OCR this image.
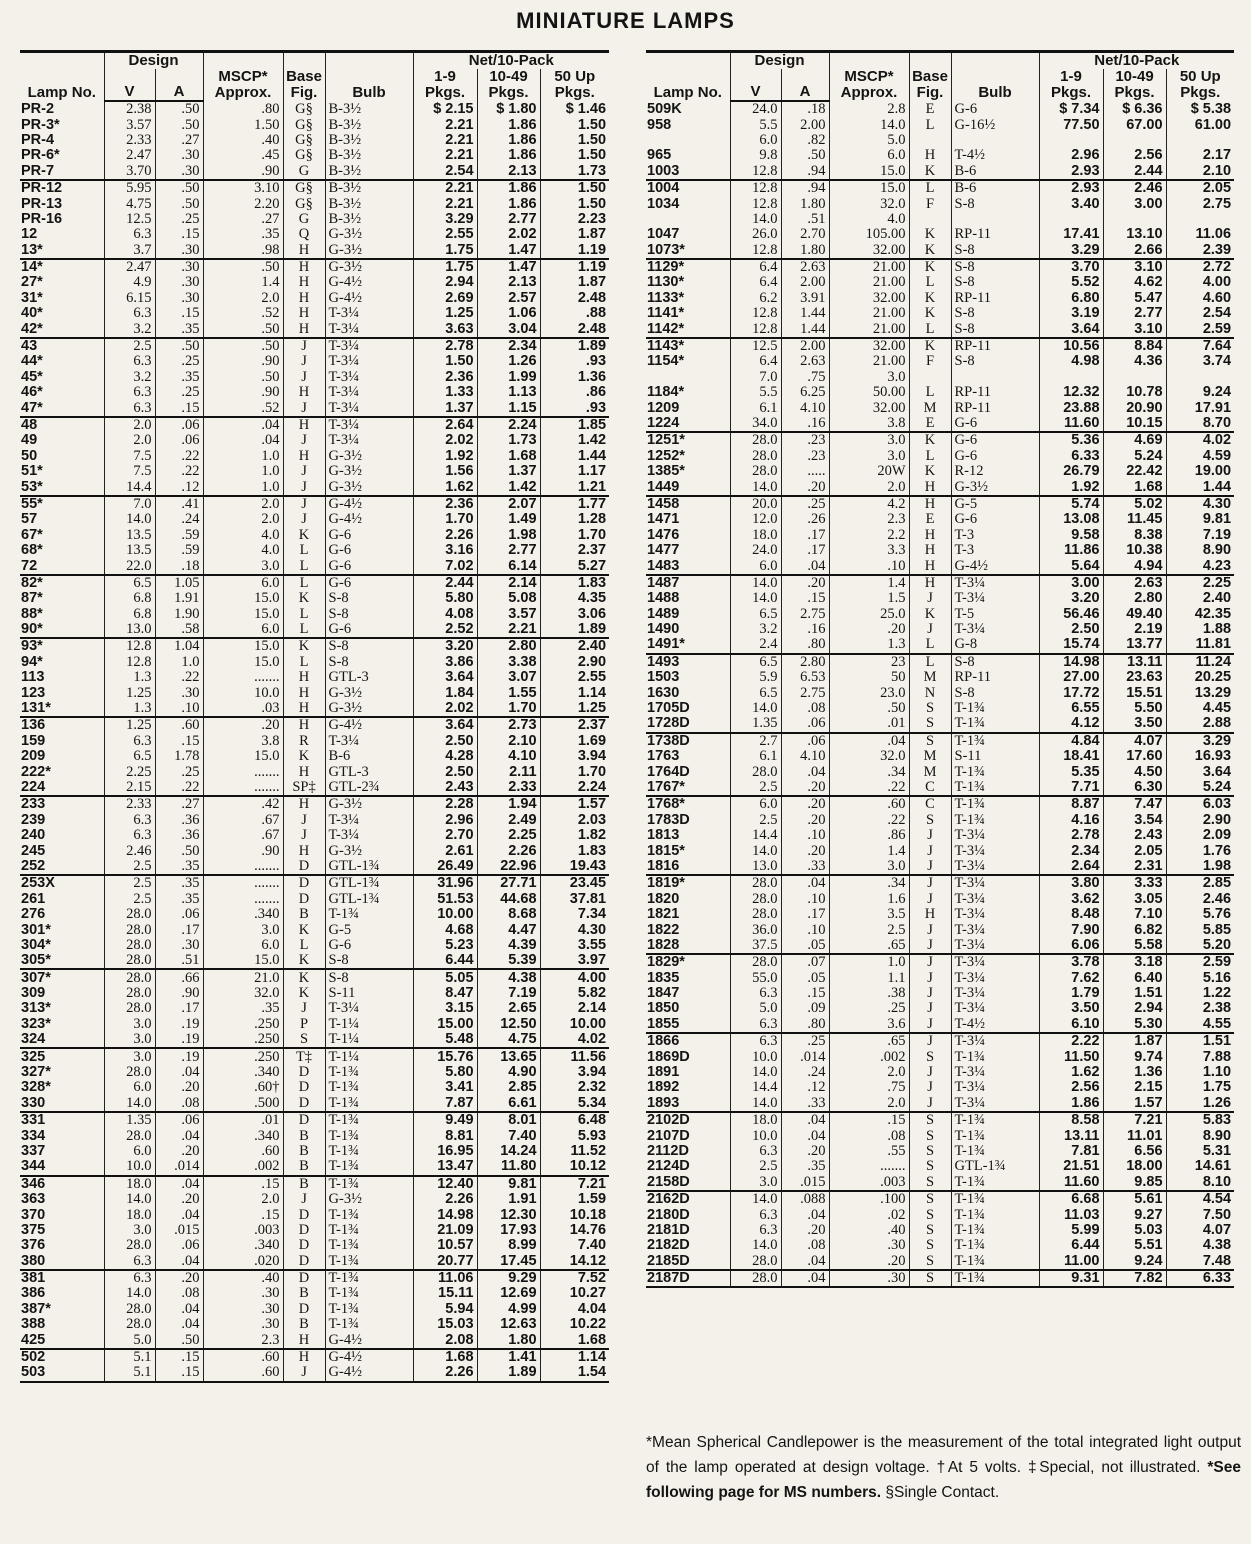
MINIATURE LAMPS
Lamp No.	Design		MSCP* Approx.	Base Fig.	Bulb	Net/10-Pack		
						1-9 Pkgs.	10-49 Pkgs.	50 Up Pkgs.
	V	A						
PR-2	2.38	.50	.80	G§	B-3½	$ 2.15	$ 1.80	$ 1.46
PR-3*	3.57	.50	1.50	G§	B-3½	2.21	1.86	1.50
PR-4	2.33	.27	.40	G§	B-3½	2.21	1.86	1.50
PR-6*	2.47	.30	.45	G§	B-3½	2.21	1.86	1.50
PR-7	3.70	.30	.90	G	B-3½	2.54	2.13	1.73
PR-12	5.95	.50	3.10	G§	B-3½	2.21	1.86	1.50
PR-13	4.75	.50	2.20	G§	B-3½	2.21	1.86	1.50
PR-16	12.5	.25	.27	G	B-3½	3.29	2.77	2.23
12	6.3	.15	.35	Q	G-3½	2.55	2.02	1.87
13*	3.7	.30	.98	H	G-3½	1.75	1.47	1.19
14*	2.47	.30	.50	H	G-3½	1.75	1.47	1.19
27*	4.9	.30	1.4	H	G-4½	2.94	2.13	1.87
31*	6.15	.30	2.0	H	G-4½	2.69	2.57	2.48
40*	6.3	.15	.52	H	T-3¼	1.25	1.06	.88
42*	3.2	.35	.50	H	T-3¼	3.63	3.04	2.48
43	2.5	.50	.50	J	T-3¼	2.78	2.34	1.89
44*	6.3	.25	.90	J	T-3¼	1.50	1.26	.93
45*	3.2	.35	.50	J	T-3¼	2.36	1.99	1.36
46*	6.3	.25	.90	H	T-3¼	1.33	1.13	.86
47*	6.3	.15	.52	J	T-3¼	1.37	1.15	.93
48	2.0	.06	.04	H	T-3¼	2.64	2.24	1.85
49	2.0	.06	.04	J	T-3¼	2.02	1.73	1.42
50	7.5	.22	1.0	H	G-3½	1.92	1.68	1.44
51*	7.5	.22	1.0	J	G-3½	1.56	1.37	1.17
53*	14.4	.12	1.0	J	G-3½	1.62	1.42	1.21
55*	7.0	.41	2.0	J	G-4½	2.36	2.07	1.77
57	14.0	.24	2.0	J	G-4½	1.70	1.49	1.28
67*	13.5	.59	4.0	K	G-6	2.26	1.98	1.70
68*	13.5	.59	4.0	L	G-6	3.16	2.77	2.37
72	22.0	.18	3.0	L	G-6	7.02	6.14	5.27
82*	6.5	1.05	6.0	L	G-6	2.44	2.14	1.83
87*	6.8	1.91	15.0	K	S-8	5.80	5.08	4.35
88*	6.8	1.90	15.0	L	S-8	4.08	3.57	3.06
90*	13.0	.58	6.0	L	G-6	2.52	2.21	1.89
93*	12.8	1.04	15.0	K	S-8	3.20	2.80	2.40
94*	12.8	1.0	15.0	L	S-8	3.86	3.38	2.90
113	1.3	.22	.......	H	GTL-3	3.64	3.07	2.55
123	1.25	.30	10.0	H	G-3½	1.84	1.55	1.14
131*	1.3	.10	.03	H	G-3½	2.02	1.70	1.25
136	1.25	.60	.20	H	G-4½	3.64	2.73	2.37
159	6.3	.15	3.8	R	T-3¼	2.50	2.10	1.69
209	6.5	1.78	15.0	K	B-6	4.28	4.10	3.94
222*	2.25	.25	.......	H	GTL-3	2.50	2.11	1.70
224	2.15	.22	.......	SP‡	GTL-2¾	2.43	2.33	2.24
233	2.33	.27	.42	H	G-3½	2.28	1.94	1.57
239	6.3	.36	.67	J	T-3¼	2.96	2.49	2.03
240	6.3	.36	.67	J	T-3¼	2.70	2.25	1.82
245	2.46	.50	.90	H	G-3½	2.61	2.26	1.83
252	2.5	.35	.......	D	GTL-1¾	26.49	22.96	19.43
253X	2.5	.35	.......	D	GTL-1¾	31.96	27.71	23.45
261	2.5	.35	.......	D	GTL-1¾	51.53	44.68	37.81
276	28.0	.06	.340	B	T-1¾	10.00	8.68	7.34
301*	28.0	.17	3.0	K	G-5	4.68	4.47	4.30
304*	28.0	.30	6.0	L	G-6	5.23	4.39	3.55
305*	28.0	.51	15.0	K	S-8	6.44	5.39	3.97
307*	28.0	.66	21.0	K	S-8	5.05	4.38	4.00
309	28.0	.90	32.0	K	S-11	8.47	7.19	5.82
313*	28.0	.17	.35	J	T-3¼	3.15	2.65	2.14
323*	3.0	.19	.250	P	T-1¼	15.00	12.50	10.00
324	3.0	.19	.250	S	T-1¼	5.48	4.75	4.02
325	3.0	.19	.250	T‡	T-1¼	15.76	13.65	11.56
327*	28.0	.04	.340	D	T-1¾	5.80	4.90	3.94
328*	6.0	.20	.60†	D	T-1¾	3.41	2.85	2.32
330	14.0	.08	.500	D	T-1¾	7.87	6.61	5.34
331	1.35	.06	.01	D	T-1¾	9.49	8.01	6.48
334	28.0	.04	.340	B	T-1¾	8.81	7.40	5.93
337	6.0	.20	.60	B	T-1¾	16.95	14.24	11.52
344	10.0	.014	.002	B	T-1¾	13.47	11.80	10.12
346	18.0	.04	.15	B	T-1¾	12.40	9.81	7.21
363	14.0	.20	2.0	J	G-3½	2.26	1.91	1.59
370	18.0	.04	.15	D	T-1¾	14.98	12.30	10.18
375	3.0	.015	.003	D	T-1¾	21.09	17.93	14.76
376	28.0	.06	.340	D	T-1¾	10.57	8.99	7.40
380	6.3	.04	.020	D	T-1¾	20.77	17.45	14.12
381	6.3	.20	.40	D	T-1¾	11.06	9.29	7.52
386	14.0	.08	.30	B	T-1¾	15.11	12.69	10.27
387*	28.0	.04	.30	D	T-1¾	5.94	4.99	4.04
388	28.0	.04	.30	B	T-1¾	15.03	12.63	10.22
425	5.0	.50	2.3	H	G-4½	2.08	1.80	1.68
502	5.1	.15	.60	H	G-4½	1.68	1.41	1.14
503	5.1	.15	.60	J	G-4½	2.26	1.89	1.54
Lamp No.	Design		MSCP* Approx.	Base Fig.	Bulb	Net/10-Pack		
						1-9 Pkgs.	10-49 Pkgs.	50 Up Pkgs.
	V	A						
509K	24.0	.18	2.8	E	G-6	$ 7.34	$ 6.36	$ 5.38
958	5.5	2.00	14.0	L	G-16½	77.50	67.00	61.00
	6.0	.82	5.0					
965	9.8	.50	6.0	H	T-4½	2.96	2.56	2.17
1003	12.8	.94	15.0	K	B-6	2.93	2.44	2.10
1004	12.8	.94	15.0	L	B-6	2.93	2.46	2.05
1034	12.8	1.80	32.0	F	S-8	3.40	3.00	2.75
	14.0	.51	4.0					
1047	26.0	2.70	105.00	K	RP-11	17.41	13.10	11.06
1073*	12.8	1.80	32.00	K	S-8	3.29	2.66	2.39
1129*	6.4	2.63	21.00	K	S-8	3.70	3.10	2.72
1130*	6.4	2.00	21.00	L	S-8	5.52	4.62	4.00
1133*	6.2	3.91	32.00	K	RP-11	6.80	5.47	4.60
1141*	12.8	1.44	21.00	K	S-8	3.19	2.77	2.54
1142*	12.8	1.44	21.00	L	S-8	3.64	3.10	2.59
1143*	12.5	2.00	32.00	K	RP-11	10.56	8.84	7.64
1154*	6.4	2.63	21.00	F	S-8	4.98	4.36	3.74
	7.0	.75	3.0					
1184*	5.5	6.25	50.00	L	RP-11	12.32	10.78	9.24
1209	6.1	4.10	32.00	M	RP-11	23.88	20.90	17.91
1224	34.0	.16	3.8	E	G-6	11.60	10.15	8.70
1251*	28.0	.23	3.0	K	G-6	5.36	4.69	4.02
1252*	28.0	.23	3.0	L	G-6	6.33	5.24	4.59
1385*	28.0	.....	20W	K	R-12	26.79	22.42	19.00
1449	14.0	.20	2.0	H	G-3½	1.92	1.68	1.44
1458	20.0	.25	4.2	H	G-5	5.74	5.02	4.30
1471	12.0	.26	2.3	E	G-6	13.08	11.45	9.81
1476	18.0	.17	2.2	H	T-3	9.58	8.38	7.19
1477	24.0	.17	3.3	H	T-3	11.86	10.38	8.90
1483	6.0	.04	.10	H	G-4½	5.64	4.94	4.23
1487	14.0	.20	1.4	H	T-3¼	3.00	2.63	2.25
1488	14.0	.15	1.5	J	T-3¼	3.20	2.80	2.40
1489	6.5	2.75	25.0	K	T-5	56.46	49.40	42.35
1490	3.2	.16	.20	J	T-3¼	2.50	2.19	1.88
1491*	2.4	.80	1.3	L	G-8	15.74	13.77	11.81
1493	6.5	2.80	23	L	S-8	14.98	13.11	11.24
1503	5.9	6.53	50	M	RP-11	27.00	23.63	20.25
1630	6.5	2.75	23.0	N	S-8	17.72	15.51	13.29
1705D	14.0	.08	.50	S	T-1¾	6.55	5.50	4.45
1728D	1.35	.06	.01	S	T-1¾	4.12	3.50	2.88
1738D	2.7	.06	.04	S	T-1¾	4.84	4.07	3.29
1763	6.1	4.10	32.0	M	S-11	18.41	17.60	16.93
1764D	28.0	.04	.34	M	T-1¾	5.35	4.50	3.64
1767*	2.5	.20	.22	C	T-1¾	7.71	6.30	5.24
1768*	6.0	.20	.60	C	T-1¾	8.87	7.47	6.03
1783D	2.5	.20	.22	S	T-1¾	4.16	3.54	2.90
1813	14.4	.10	.86	J	T-3¼	2.78	2.43	2.09
1815*	14.0	.20	1.4	J	T-3¼	2.34	2.05	1.76
1816	13.0	.33	3.0	J	T-3¼	2.64	2.31	1.98
1819*	28.0	.04	.34	J	T-3¼	3.80	3.33	2.85
1820	28.0	.10	1.6	J	T-3¼	3.62	3.05	2.46
1821	28.0	.17	3.5	H	T-3¼	8.48	7.10	5.76
1822	36.0	.10	2.5	J	T-3¼	7.90	6.82	5.85
1828	37.5	.05	.65	J	T-3¼	6.06	5.58	5.20
1829*	28.0	.07	1.0	J	T-3¼	3.78	3.18	2.59
1835	55.0	.05	1.1	J	T-3¼	7.62	6.40	5.16
1847	6.3	.15	.38	J	T-3¼	1.79	1.51	1.22
1850	5.0	.09	.25	J	T-3¼	3.50	2.94	2.38
1855	6.3	.80	3.6	J	T-4½	6.10	5.30	4.55
1866	6.3	.25	.65	J	T-3¼	2.22	1.87	1.51
1869D	10.0	.014	.002	S	T-1¾	11.50	9.74	7.88
1891	14.0	.24	2.0	J	T-3¼	1.62	1.36	1.10
1892	14.4	.12	.75	J	T-3¼	2.56	2.15	1.75
1893	14.0	.33	2.0	J	T-3¼	1.86	1.57	1.26
2102D	18.0	.04	.15	S	T-1¾	8.58	7.21	5.83
2107D	10.0	.04	.08	S	T-1¾	13.11	11.01	8.90
2112D	6.3	.20	.55	S	T-1¾	7.81	6.56	5.31
2124D	2.5	.35	.......	S	GTL-1¾	21.51	18.00	14.61
2158D	3.0	.015	.003	S	T-1¾	11.60	9.85	8.10
2162D	14.0	.088	.100	S	T-1¾	6.68	5.61	4.54
2180D	6.3	.04	.02	S	T-1¾	11.03	9.27	7.50
2181D	6.3	.20	.40	S	T-1¾	5.99	5.03	4.07
2182D	14.0	.08	.30	S	T-1¾	6.44	5.51	4.38
2185D	28.0	.04	.20	S	T-1¾	11.00	9.24	7.48
2187D	28.0	.04	.30	S	T-1¾	9.31	7.82	6.33
*Mean Spherical Candlepower is the measurement of the total integrated light output of the lamp operated at design voltage. †At 5 volts. ‡Special, not illustrated. *See following page for MS numbers. §Single Contact.
